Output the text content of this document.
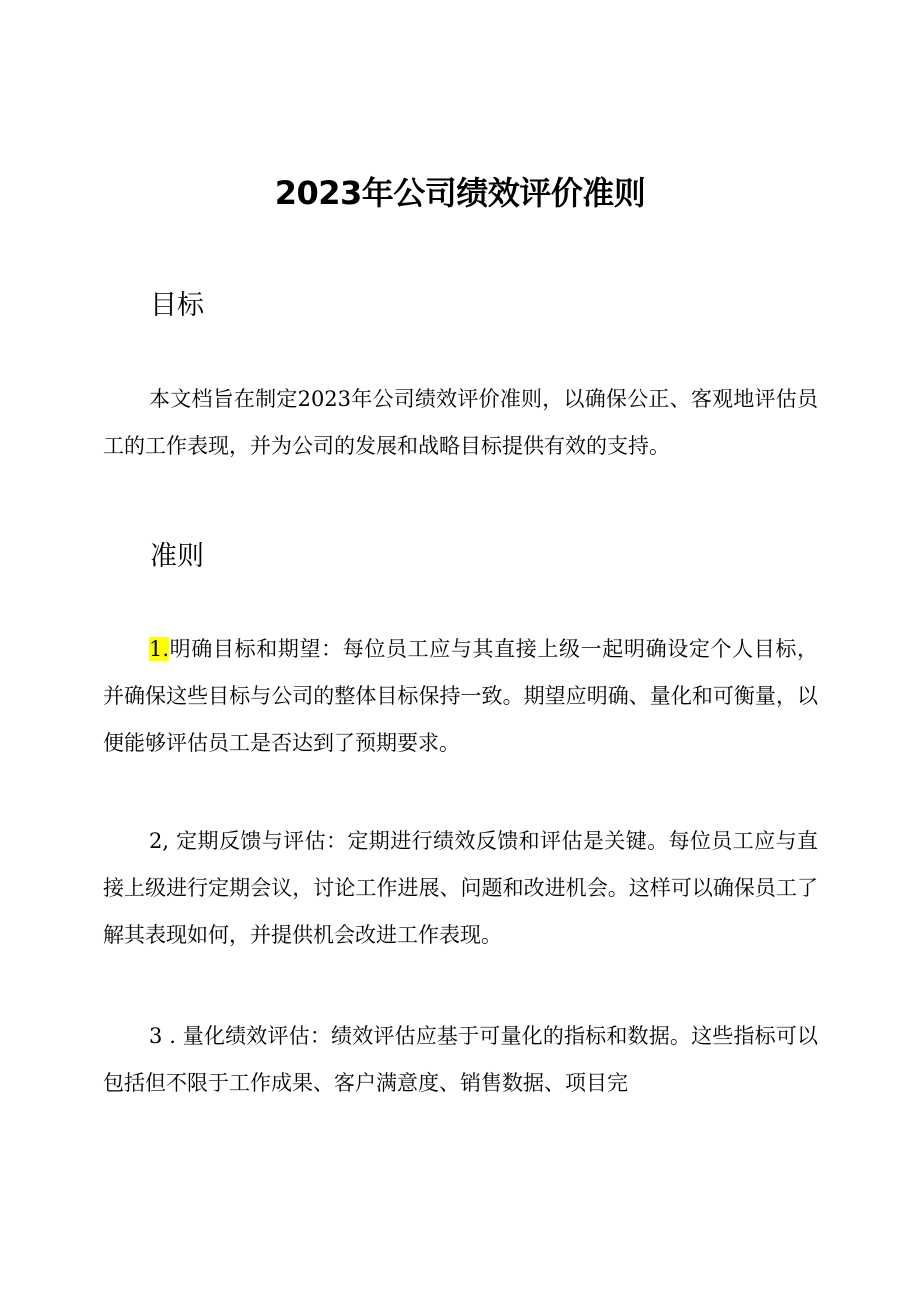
2023年公司绩效评价准则
目标

本文档旨在制定2023年公司绩效评价准则，以确保公正、客观地评估员工的工作表现，并为公司的发展和战略目标提供有效的支持。

准则

1.明确目标和期望：每位员工应与其直接上级一起明确设定个人目标，并确保这些目标与公司的整体目标保持一致。期望应明确、量化和可衡量，以便能够评估员工是否达到了预期要求。

2, 定期反馈与评估：定期进行绩效反馈和评估是关键。每位员工应与直接上级进行定期会议，讨论工作进展、问题和改进机会。这样可以确保员工了解其表现如何，并提供机会改进工作表现。

3 . 量化绩效评估：绩效评估应基于可量化的指标和数据。这些指标可以包括但不限于工作成果、客户满意度、销售数据、项目完
